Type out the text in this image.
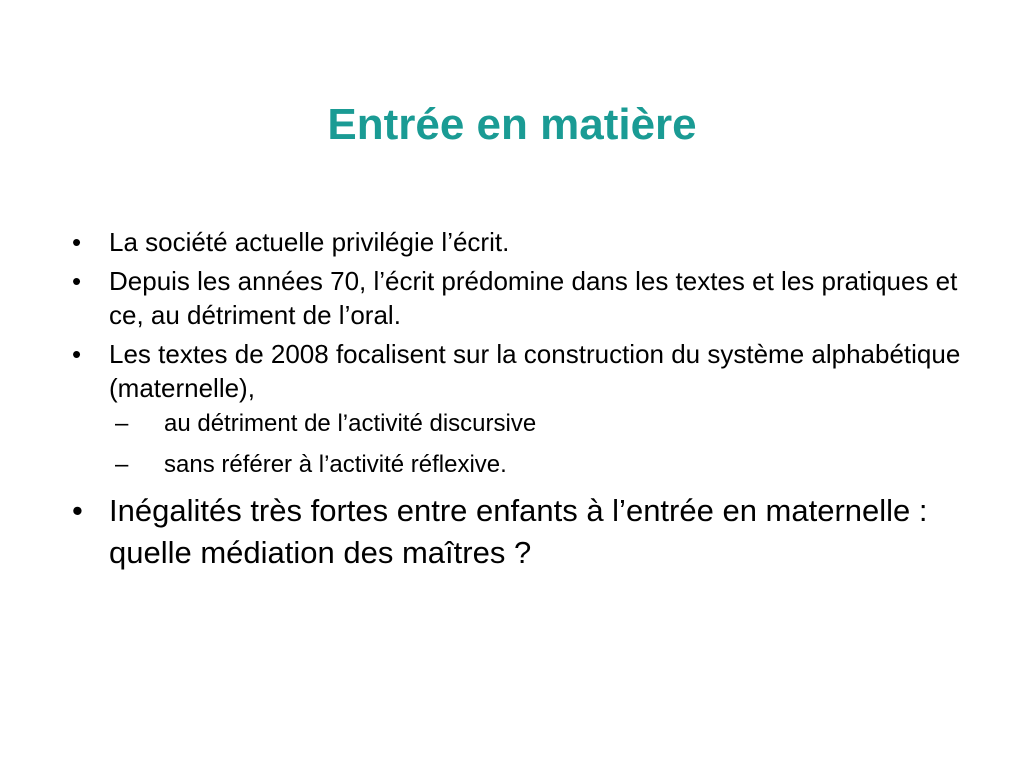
Entrée en matière
• La société actuelle privilégie l’écrit.
• Depuis les années 70, l’écrit prédomine dans les textes et les pratiques et ce, au détriment de l’oral.
• Les textes de 2008 focalisent sur la construction du système alphabétique (maternelle),
– au détriment de l’activité discursive
– sans référer à l’activité réflexive.
• Inégalités très fortes entre enfants à l’entrée en maternelle : quelle médiation des maîtres ?
